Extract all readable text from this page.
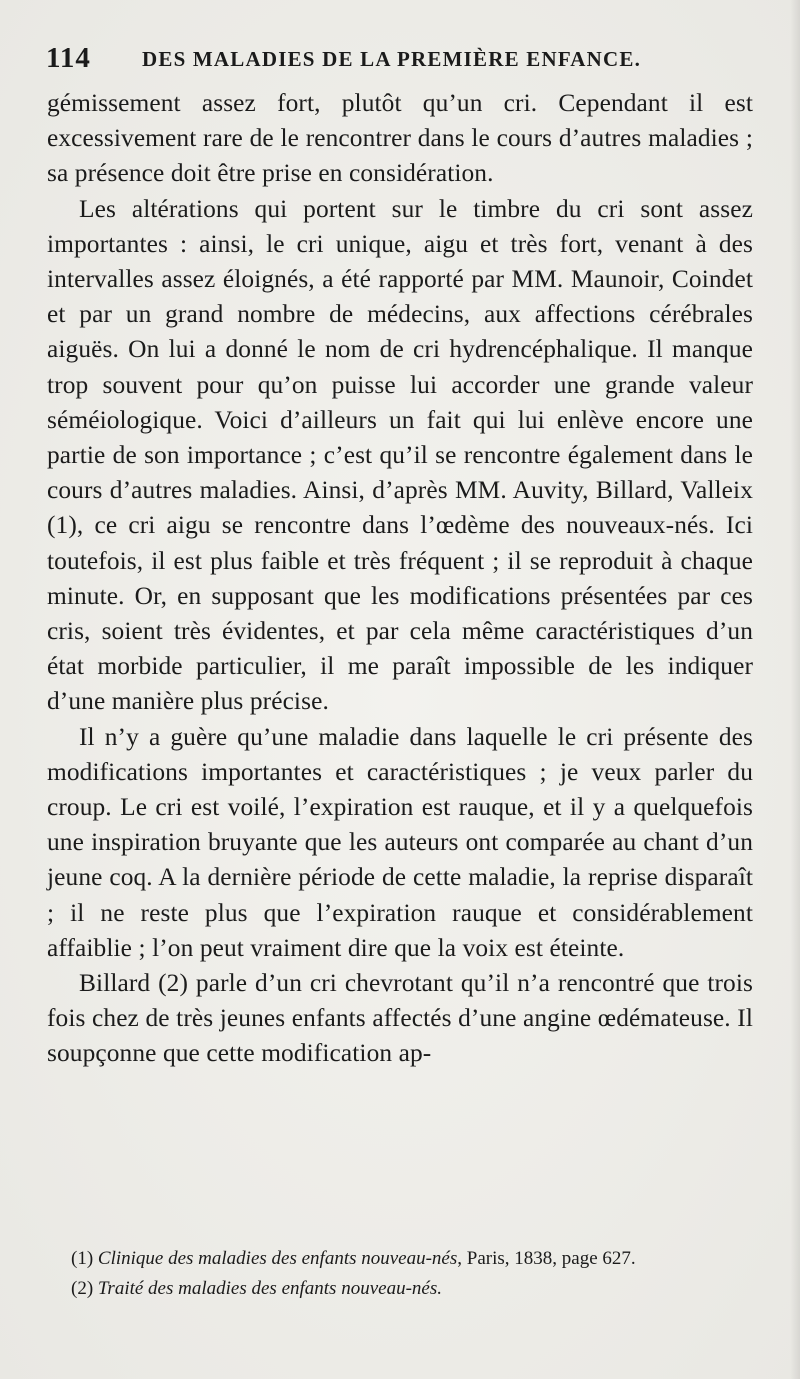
114 DES MALADIES DE LA PREMIÈRE ENFANCE.

gémissement assez fort, plutôt qu’un cri. Cependant il est excessivement rare de le rencontrer dans le cours d’autres maladies ; sa présence doit être prise en considération.

Les altérations qui portent sur le timbre du cri sont assez importantes : ainsi, le cri unique, aigu et très fort, venant à des intervalles assez éloignés, a été rapporté par MM. Maunoir, Coindet et par un grand nombre de médecins, aux affections cérébrales aiguës. On lui a donné le nom de cri hydrencéphalique. Il manque trop souvent pour qu’on puisse lui accorder une grande valeur séméiologique. Voici d’ailleurs un fait qui lui enlève encore une partie de son importance ; c’est qu’il se rencontre également dans le cours d’autres maladies. Ainsi, d’après MM. Auvity, Billard, Valleix (1), ce cri aigu se rencontre dans l’œdème des nouveaux-nés. Ici toutefois, il est plus faible et très fréquent ; il se reproduit à chaque minute. Or, en supposant que les modifications présentées par ces cris, soient très évidentes, et par cela même caractéristiques d’un état morbide particulier, il me paraît impossible de les indiquer d’une manière plus précise.

Il n’y a guère qu’une maladie dans laquelle le cri présente des modifications importantes et caractéristiques ; je veux parler du croup. Le cri est voilé, l’expiration est rauque, et il y a quelquefois une inspiration bruyante que les auteurs ont comparée au chant d’un jeune coq. A la dernière période de cette maladie, la reprise disparaît ; il ne reste plus que l’expiration rauque et considérablement affaiblie ; l’on peut vraiment dire que la voix est éteinte.

Billard (2) parle d’un cri chevrotant qu’il n’a rencontré que trois fois chez de très jeunes enfants affectés d’une angine œdémateuse. Il soupçonne que cette modification ap-

(1) Clinique des maladies des enfants nouveau-nés, Paris, 1838, page 627.

(2) Traité des maladies des enfants nouveau-nés.
